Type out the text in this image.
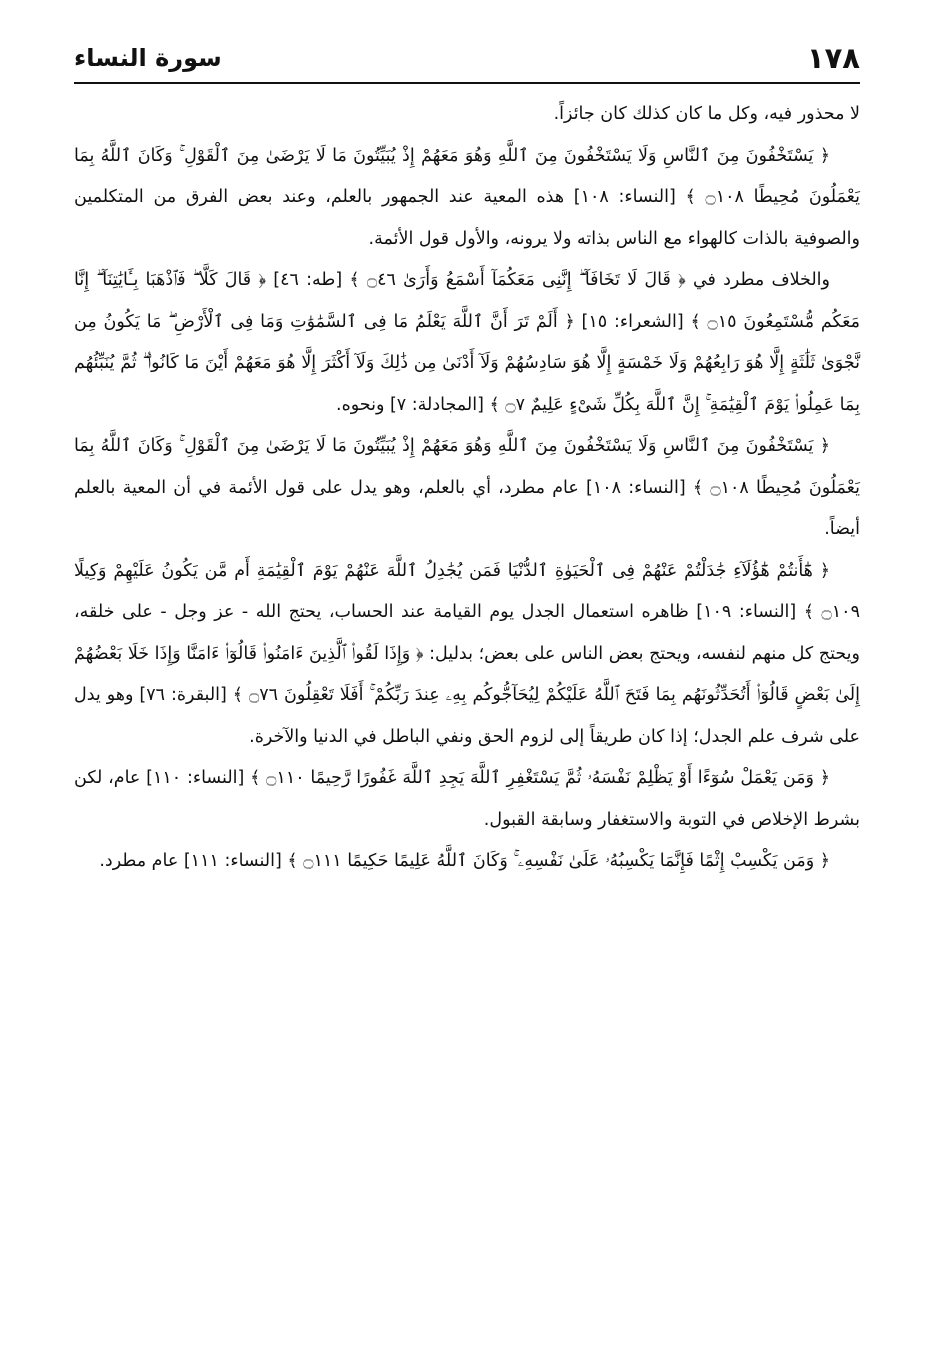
١٧٨
سورة النساء

لا محذور فيه، وكل ما كان كذلك كان جائزاً.

﴿ يَسْتَخْفُونَ مِنَ ٱلنَّاسِ وَلَا يَسْتَخْفُونَ مِنَ ٱللَّهِ وَهُوَ مَعَهُمْ إِذْ يُبَيِّتُونَ مَا لَا يَرْضَىٰ مِنَ ٱلْقَوْلِ ۚ وَكَانَ ٱللَّهُ بِمَا يَعْمَلُونَ مُحِيطًا ۝١٠٨ ﴾ [النساء: ١٠٨] هذه المعية عند الجمهور بالعلم، وعند بعض الفرق من المتكلمين والصوفية بالذات كالهواء مع الناس بذاته ولا يرونه، والأول قول الأئمة.

والخلاف مطرد في ﴿ قَالَ لَا تَخَافَآ ۖ إِنَّنِى مَعَكُمَآ أَسْمَعُ وَأَرَىٰ ۝٤٦ ﴾ [طه: ٤٦] ﴿ قَالَ كَلَّا ۖ فَٱذْهَبَا بِـَٔايَٰتِنَآ ۖ إِنَّا مَعَكُم مُّسْتَمِعُونَ ۝١٥ ﴾ [الشعراء: ١٥] ﴿ أَلَمْ تَرَ أَنَّ ٱللَّهَ يَعْلَمُ مَا فِى ٱلسَّمَٰوَٰتِ وَمَا فِى ٱلْأَرْضِ ۖ مَا يَكُونُ مِن نَّجْوَىٰ ثَلَٰثَةٍ إِلَّا هُوَ رَابِعُهُمْ وَلَا خَمْسَةٍ إِلَّا هُوَ سَادِسُهُمْ وَلَآ أَدْنَىٰ مِن ذَٰلِكَ وَلَآ أَكْثَرَ إِلَّا هُوَ مَعَهُمْ أَيْنَ مَا كَانُوا۟ ۖ ثُمَّ يُنَبِّئُهُم بِمَا عَمِلُوا۟ يَوْمَ ٱلْقِيَٰمَةِ ۚ إِنَّ ٱللَّهَ بِكُلِّ شَىْءٍ عَلِيمٌ ۝٧ ﴾ [المجادلة: ٧] ونحوه.

﴿ يَسْتَخْفُونَ مِنَ ٱلنَّاسِ وَلَا يَسْتَخْفُونَ مِنَ ٱللَّهِ وَهُوَ مَعَهُمْ إِذْ يُبَيِّتُونَ مَا لَا يَرْضَىٰ مِنَ ٱلْقَوْلِ ۚ وَكَانَ ٱللَّهُ بِمَا يَعْمَلُونَ مُحِيطًا ۝١٠٨ ﴾ [النساء: ١٠٨] عام مطرد، أي بالعلم، وهو يدل على قول الأئمة في أن المعية بالعلم أيضاً.

﴿ هَٰٓأَنتُمْ هَٰٓؤُلَآءِ جَٰدَلْتُمْ عَنْهُمْ فِى ٱلْحَيَوٰةِ ٱلدُّنْيَا فَمَن يُجَٰدِلُ ٱللَّهَ عَنْهُمْ يَوْمَ ٱلْقِيَٰمَةِ أَم مَّن يَكُونُ عَلَيْهِمْ وَكِيلًا ۝١٠٩ ﴾ [النساء: ١٠٩] ظاهره استعمال الجدل يوم القيامة عند الحساب، يحتج الله - عز وجل - على خلقه، ويحتج كل منهم لنفسه، ويحتج بعض الناس على بعض؛ بدليل: ﴿ وَإِذَا لَقُوا۟ ٱلَّذِينَ ءَامَنُوا۟ قَالُوٓا۟ ءَامَنَّا وَإِذَا خَلَا بَعْضُهُمْ إِلَىٰ بَعْضٍ قَالُوٓا۟ أَتُحَدِّثُونَهُم بِمَا فَتَحَ ٱللَّهُ عَلَيْكُمْ لِيُحَآجُّوكُم بِهِۦ عِندَ رَبِّكُمْ ۚ أَفَلَا تَعْقِلُونَ ۝٧٦ ﴾ [البقرة: ٧٦] وهو يدل على شرف علم الجدل؛ إذا كان طريقاً إلى لزوم الحق ونفي الباطل في الدنيا والآخرة.

﴿ وَمَن يَعْمَلْ سُوٓءًا أَوْ يَظْلِمْ نَفْسَهُۥ ثُمَّ يَسْتَغْفِرِ ٱللَّهَ يَجِدِ ٱللَّهَ غَفُورًا رَّحِيمًا ۝١١٠ ﴾ [النساء: ١١٠] عام، لكن بشرط الإخلاص في التوبة والاستغفار وسابقة القبول.

﴿ وَمَن يَكْسِبْ إِثْمًا فَإِنَّمَا يَكْسِبُهُۥ عَلَىٰ نَفْسِهِۦ ۚ وَكَانَ ٱللَّهُ عَلِيمًا حَكِيمًا ۝١١١ ﴾ [النساء: ١١١] عام مطرد.
